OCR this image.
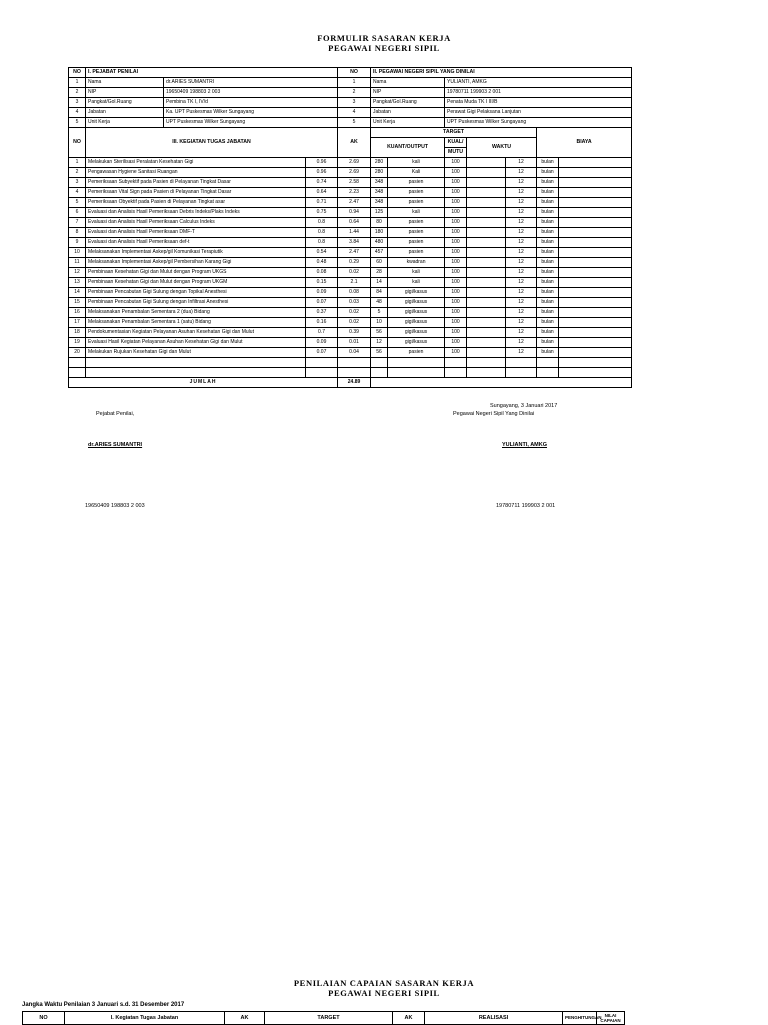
FORMULIR SASARAN KERJA
PEGAWAI NEGERI SIPIL
NO	I. PEJABAT PENILAI			NO	II. PEGAWAI NEGERI SIPIL YANG DINILAI						
1	Nama	dr.ARIES SUMANTRI		1	Nama		YULIANTI, AMKG				
2	NIP	19650409 198803 2 003		2	NIP		19780711 199903 2 001				
3	Pangkat/Gol.Ruang	Pembina TK I, IV/d		3	Pangkat/Gol.Ruang		Penata Muda TK I III/B				
4	Jabatan	Ka. UPT Puskesmas Wilker Sungayang		4	Jabatan		Perawat Gigi Pelaksana Lanjutan				
5	Unit Kerja	UPT Puskesmas Wilker Sungayang		5	Unit Kerja		UPT Puskesmas Wilker Sungayang				
NO	III. KEGIATAN TUGAS JABATAN			AK	TARGET					BIAYA	
					KUANT/OUTPUT		KUAL/	WAKTU			
							MUTU				
1	Melakukan Sterilisasi Peralatan Kesehatan Gigi		0.96	2.69	280	kali	100		12	bulan	
2	Pengawasan Hygiene Sanitasi Ruangan		0.96	2.69	280	Kali	100		12	bulan	
3	Pemeriksaan Subyektif pada Pasien di Pelayanan Tingkat Dasar		0.74	2.58	348	pasien	100		12	bulan	
4	Pemeriksaan Vital Sign pada Pasien di Pelayanan Tingkat Dasar		0.64	2.23	348	pasien	100		12	bulan	
5	Pemeriksaan Obyektif pada Pasien di Pelayanan Tingkat asar		0.71	2.47	348	pasien	100		12	bulan	
6	Evaluasi dan Analisis Hasil Pemeriksaan Debris Indeks/Plaks Indeks		0.75	0.94	125	kali	100		12	bulan	
7	Evaluasi dan Analisis Hasil Pemeriksaan Calculus Indeks		0.8	0.64	80	pasien	100		12	bulan	
8	Evaluasi dan Analisis Hasil Pemeriksaan DMF-T		0.8	1.44	180	pasien	100		12	bulan	
9	Evaluasi dan Analisis Hasil Pemeriksaan def-t		0.8	3.84	480	pasien	100		12	bulan	
10	Melaksanakan Implementasi Askep/gil Komunikasi Terapiutik		0.54	2.47	457	pasien	100		12	bulan	
11	Melaksanakan Implementasi Askep/gil Pembersihan Karang Gigi		0.48	0.29	60	kwadran	100		12	bulan	
12	Pembinaan Kesehatan Gigi dan Mulut dengan Program UKGS		0.08	0.02	28	kali	100		12	bulan	
13	Pembinaan Kesehatan Gigi dan Mulut dengan Program UKGM		0.15	2.1	14	kali	100		12	bulan	
14	Pembinaan Pencabutan Gigi Sulung dengan Topikal Anesthesi		0.09	0.08	84	gigi/kasus	100		12	bulan	
15	Pembinaan Pencabutan Gigi Sulung dengan Infiltrasi Anesthesi		0.07	0.03	48	gigi/kasus	100		12	bulan	
16	Melaksanakan Penambalan Sementara 2 (dua) Bidang		0.37	0.02	5	gigi/kasus	100		12	bulan	
17	Melaksanakan Penambalan Sementara 1 (satu) Bidang		0.16	0.02	10	gigi/kasus	100		12	bulan	
18	Pendokumentasian Kegiatan Pelayanan Asuhan Kesehatan Gigi dan Mulut		0.7	0.39	56	gigi/kasus	100		12	bulan	
19	Evaluasi Hasil Kegiatan Pelayanan Asuhan Kesehatan Gigi dan Mulut		0.09	0.01	12	gigi/kasus	100		12	bulan	
20	Melakukan Rujukan Kesehatan Gigi dan Mulut		0.07	0.04	56	pasien	100		12	bulan	

JUMLAH				24.89							
Sungayang, 3 Januari 2017
Pejabat Penilai,	Pegawai Negeri Sipil Yang Dinilai
dr.ARIES SUMANTRI	YULIANTI, AMKG
19650409 198803 2 003	19780711 199903 2 001
PENILAIAN CAPAIAN SASARAN KERJA
PEGAWAI NEGERI SIPIL
Jangka Waktu Penilaian 3 Januari s.d. 31 Desember 2017
NO	I. Kegiatan Tugas Jabatan	AK	TARGET	AK	REALISASI	PENGHITUNGAN	NILAI
CAPAIAN
